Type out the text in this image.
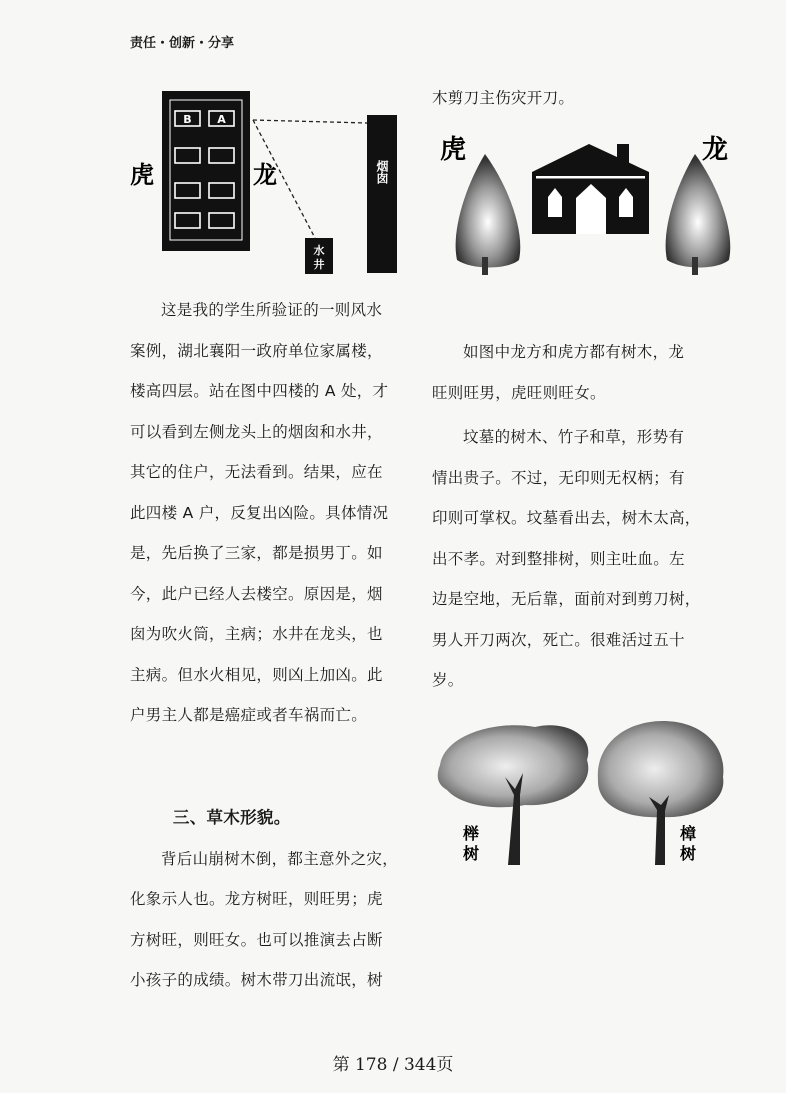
责任・创新・分享
虎	龙
B A
烟囱
水
井
虎	龙
榉
树
樟
树

这是我的学生所验证的一则风水

案例，湖北襄阳一政府单位家属楼，

楼高四层。站在图中四楼的 A 处，才

可以看到左侧龙头上的烟囱和水井，

其它的住户，无法看到。结果，应在

此四楼 A 户，反复出凶险。具体情况

是，先后换了三家，都是损男丁。如

今，此户已经人去楼空。原因是，烟

囱为吹火筒，主病；水井在龙头，也

主病。但水火相见，则凶上加凶。此

户男主人都是癌症或者车祸而亡。

三、草木形貌。

背后山崩树木倒，都主意外之灾，

化象示人也。龙方树旺，则旺男；虎

方树旺，则旺女。也可以推演去占断

小孩子的成绩。树木带刀出流氓，树

木剪刀主伤灾开刀。

如图中龙方和虎方都有树木，龙

旺则旺男，虎旺则旺女。

坟墓的树木、竹子和草，形势有

情出贵子。不过，无印则无权柄；有

印则可掌权。坟墓看出去，树木太高，

出不孝。对到整排树，则主吐血。左

边是空地，无后靠，面前对到剪刀树，

男人开刀两次，死亡。很难活过五十

岁。

第 178 / 344页
